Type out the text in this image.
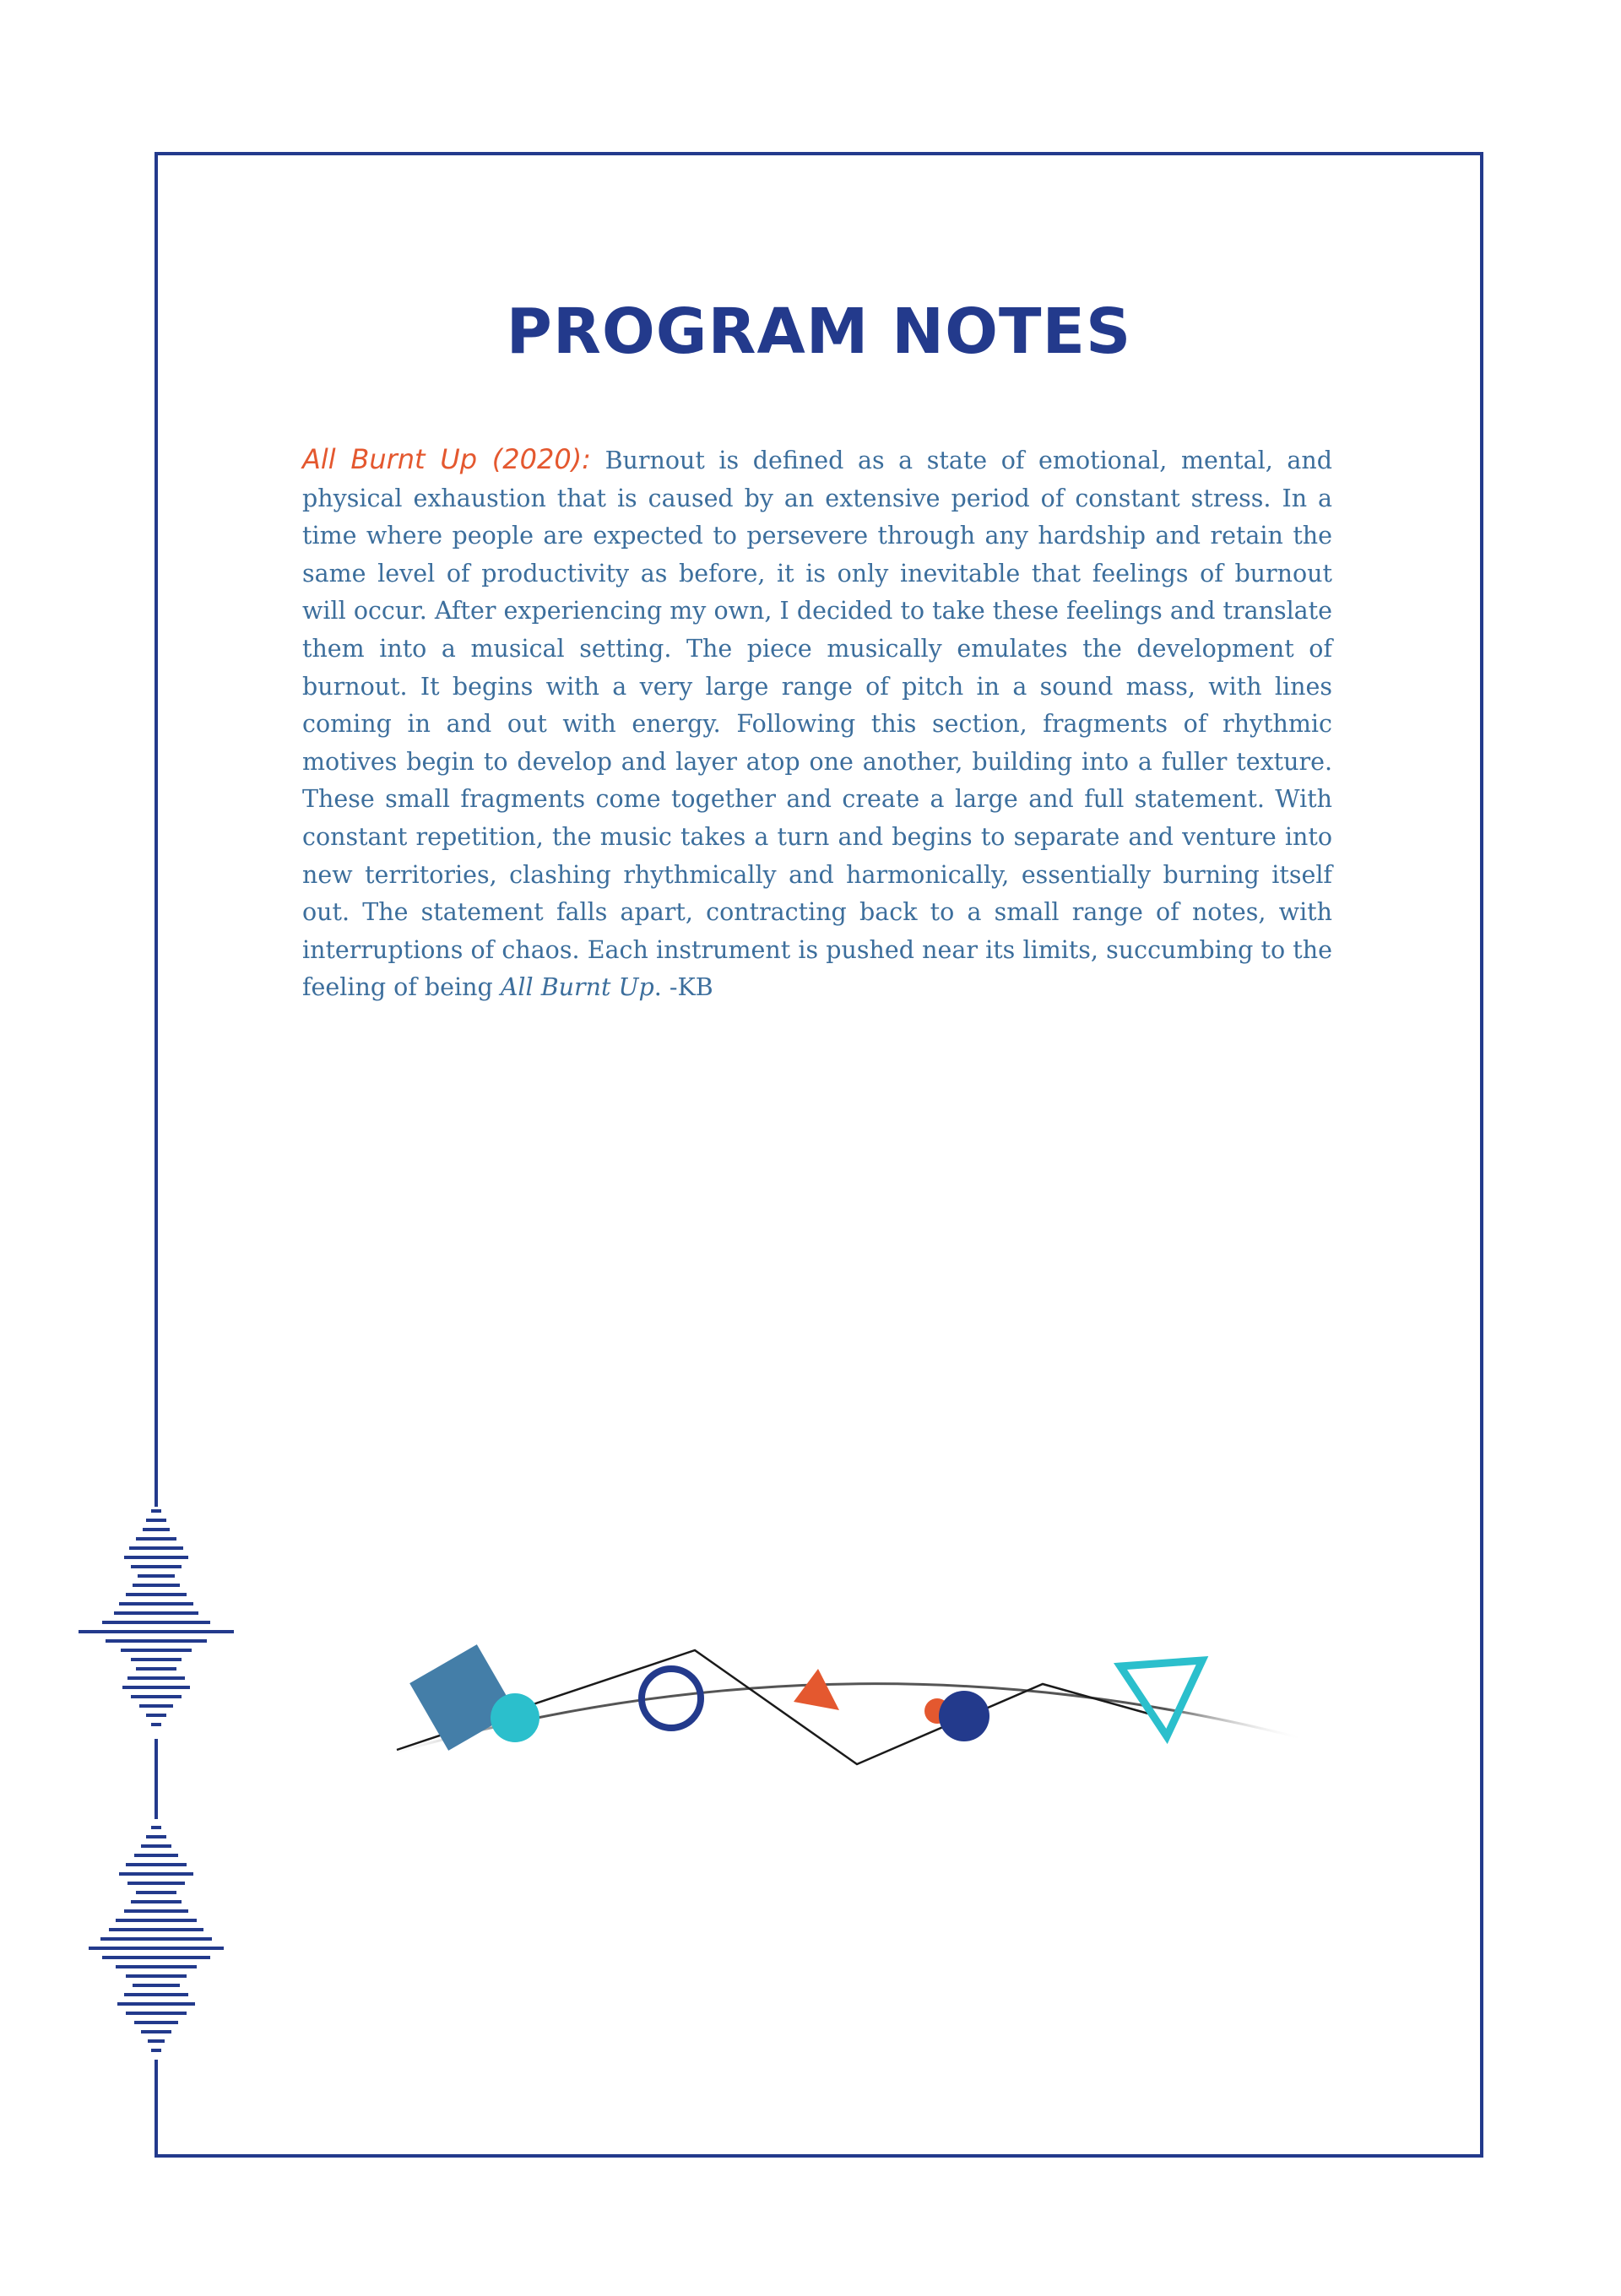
PROGRAM NOTES

All Burnt Up (2020): Burnout is defined as a state of emotional, mental, and physical exhaustion that is caused by an extensive period of constant stress. In a time where people are expected to persevere through any hardship and retain the same level of productivity as before, it is only inevitable that feelings of burnout will occur. After experiencing my own, I decided to take these feelings and translate them into a musical setting. The piece musically emulates the development of burnout. It begins with a very large range of pitch in a sound mass, with lines coming in and out with energy. Following this section, fragments of rhythmic motives begin to develop and layer atop one another, building into a fuller texture. These small fragments come together and create a large and full statement. With constant repetition, the music takes a turn and begins to separate and venture into new territories, clashing rhythmically and harmonically, essentially burning itself out. The statement falls apart, contracting back to a small range of notes, with interruptions of chaos. Each instrument is pushed near its limits, succumbing to the feeling of being All Burnt Up. -KB
